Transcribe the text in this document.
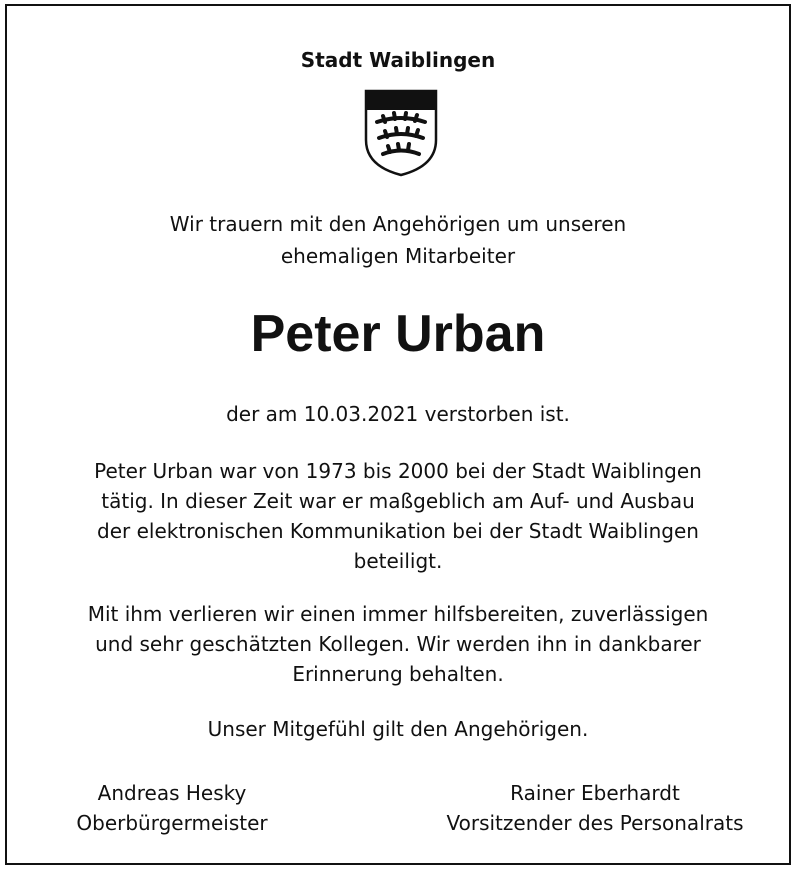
Stadt Waiblingen
Wir trauern mit den Angehörigen um unseren
ehemaligen Mitarbeiter
Peter Urban
der am 10.03.2021 verstorben ist.
Peter Urban war von 1973 bis 2000 bei der Stadt Waiblingen
tätig. In dieser Zeit war er maßgeblich am Auf- und Ausbau
der elektronischen Kommunikation bei der Stadt Waiblingen
beteiligt.
Mit ihm verlieren wir einen immer hilfsbereiten, zuverlässigen
und sehr geschätzten Kollegen. Wir werden ihn in dankbarer
Erinnerung behalten.
Unser Mitgefühl gilt den Angehörigen.
Andreas Hesky
Oberbürgermeister
Rainer Eberhardt
Vorsitzender des Personalrats
